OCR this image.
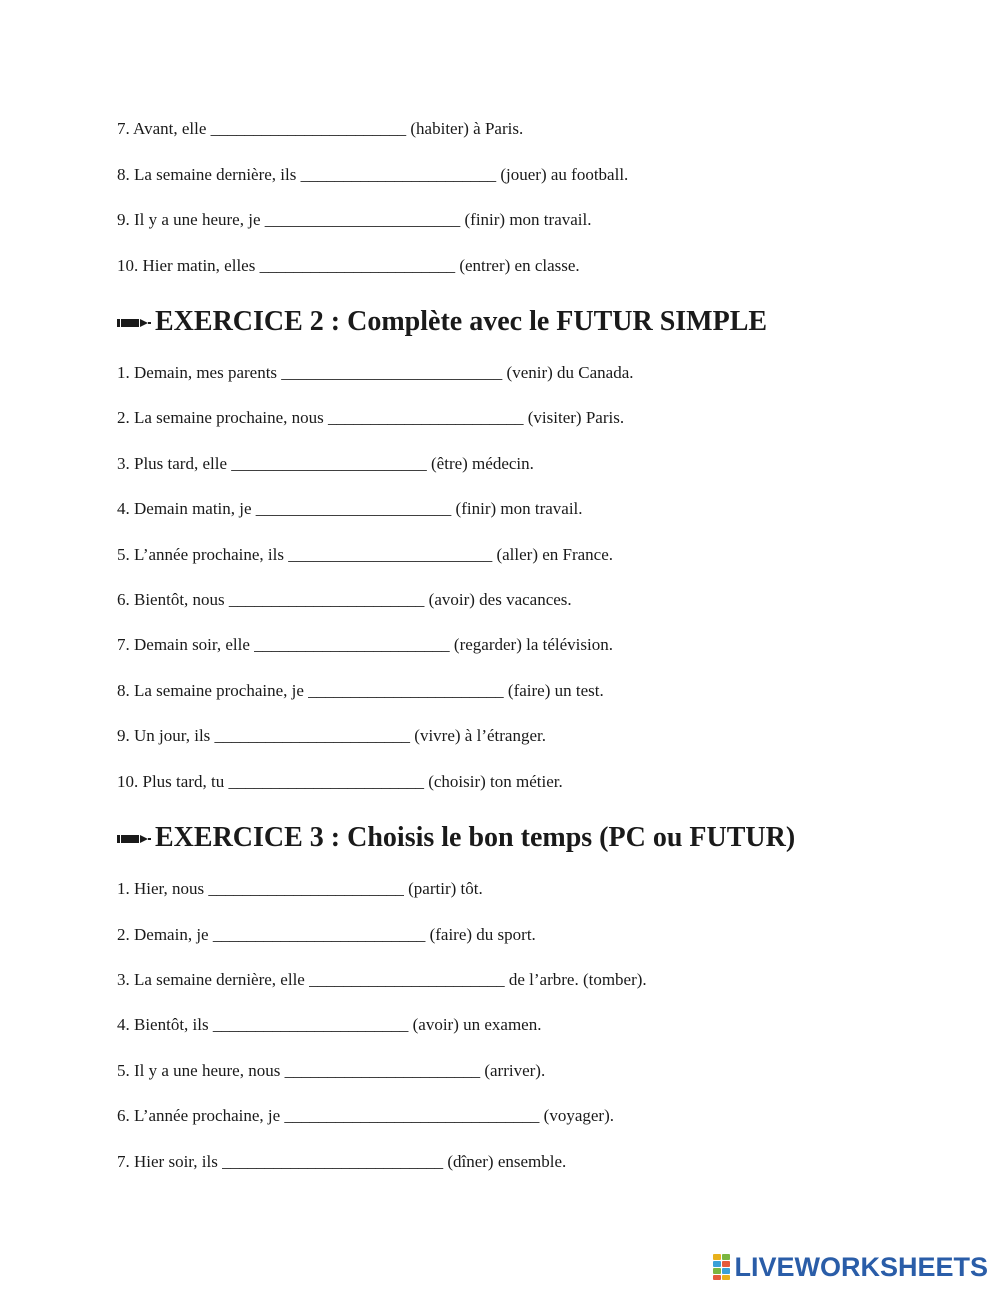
7. Avant, elle _______________________ (habiter) à Paris.
8. La semaine dernière, ils _______________________ (jouer) au football.
9. Il y a une heure, je _______________________ (finir) mon travail.
10. Hier matin, elles _______________________ (entrer) en classe.
EXERCICE 2 : Complète avec le FUTUR SIMPLE
1. Demain, mes parents __________________________ (venir) du Canada.
2. La semaine prochaine, nous _______________________ (visiter) Paris.
3. Plus tard, elle _______________________ (être) médecin.
4. Demain matin, je _______________________ (finir) mon travail.
5. L’année prochaine, ils ________________________ (aller) en France.
6. Bientôt, nous _______________________ (avoir) des vacances.
7. Demain soir, elle _______________________ (regarder) la télévision.
8. La semaine prochaine, je _______________________ (faire) un test.
9. Un jour, ils _______________________ (vivre) à l’étranger.
10. Plus tard, tu _______________________ (choisir) ton métier.
EXERCICE 3 : Choisis le bon temps (PC ou FUTUR)
1. Hier, nous _______________________ (partir) tôt.
2. Demain, je _________________________ (faire) du sport.
3. La semaine dernière, elle _______________________ de l’arbre. (tomber).
4. Bientôt, ils _______________________ (avoir) un examen.
5. Il y a une heure, nous _______________________ (arriver).
6. L’année prochaine, je ______________________________ (voyager).
7. Hier soir, ils __________________________ (dîner) ensemble.
LIVEWORKSHEETS
